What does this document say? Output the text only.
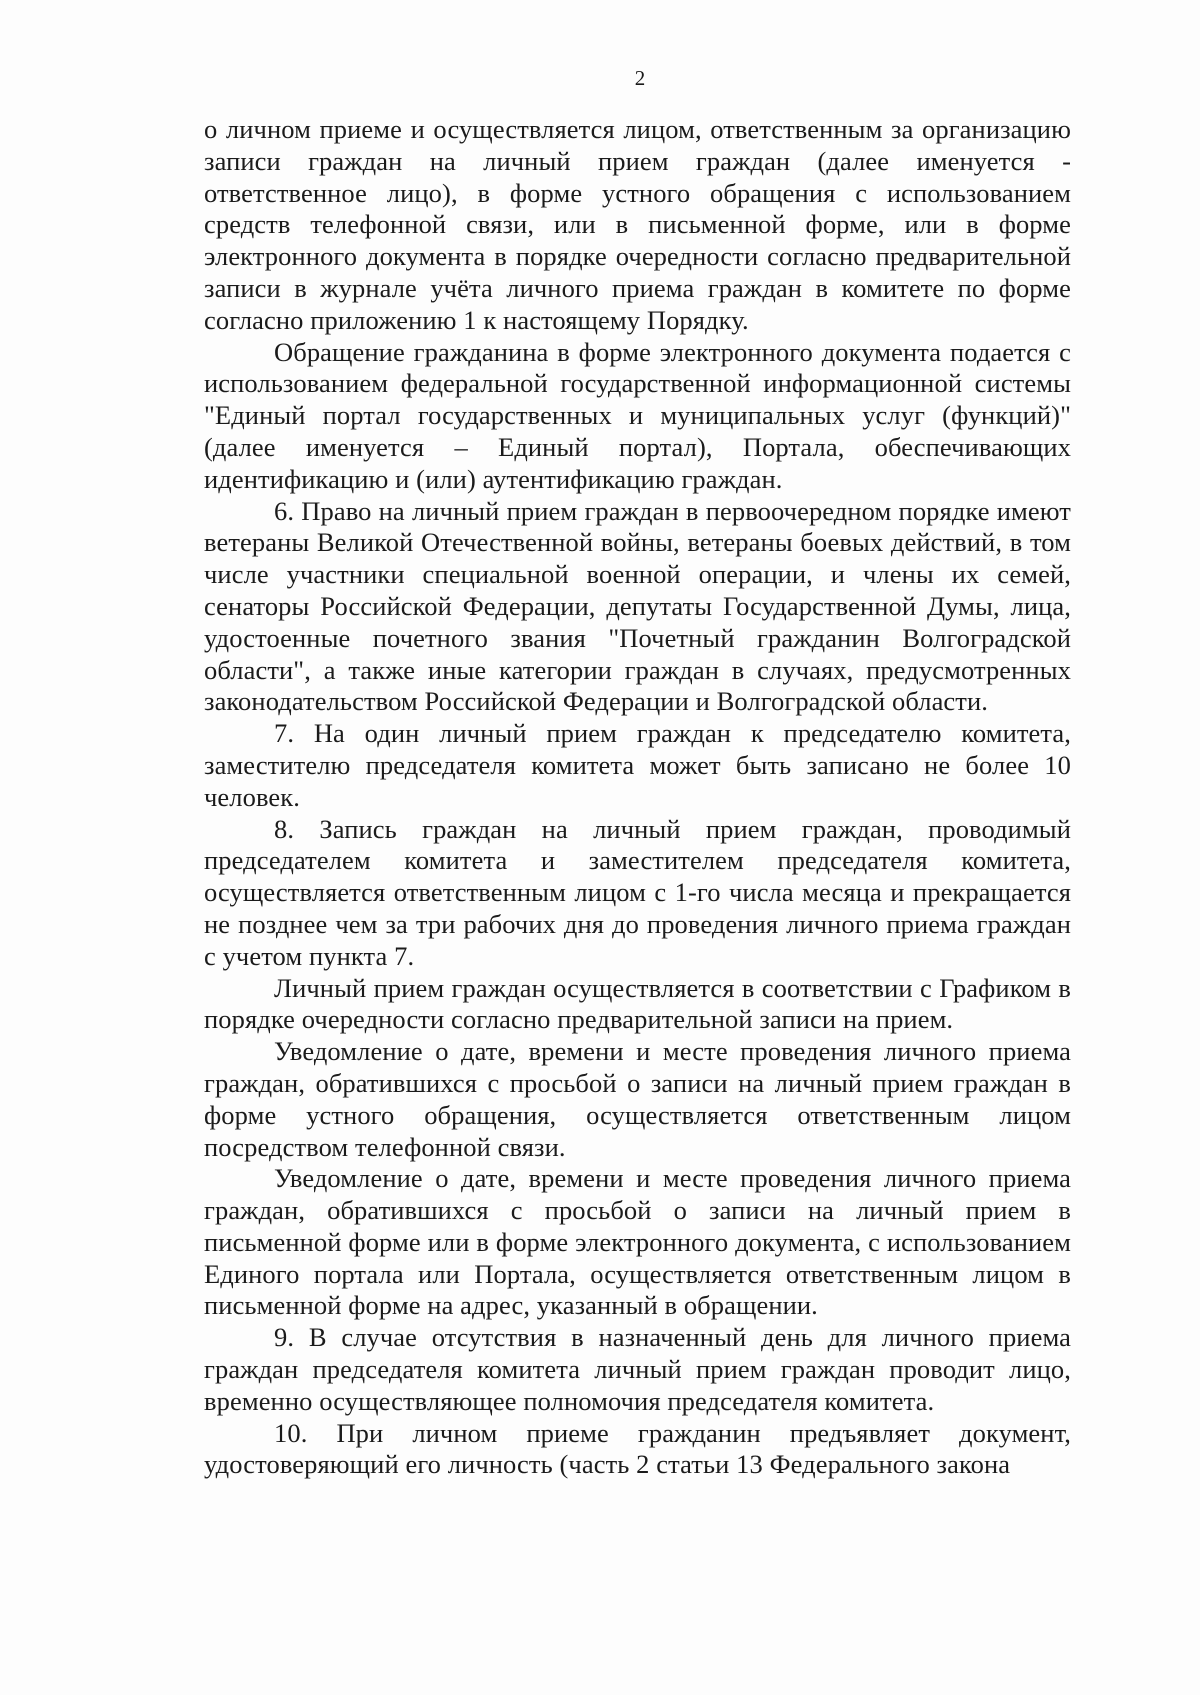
2

о личном приеме и осуществляется лицом, ответственным за организацию записи граждан на личный прием граждан (далее именуется - ответственное лицо), в форме устного обращения с использованием средств телефонной связи, или в письменной форме, или в форме электронного документа в порядке очередности согласно предварительной записи в журнале учёта личного приема граждан в комитете по форме согласно приложению 1 к настоящему Порядку.

Обращение гражданина в форме электронного документа подается с использованием федеральной государственной информационной системы "Единый портал государственных и муниципальных услуг (функций)" (далее именуется – Единый портал), Портала, обеспечивающих идентификацию и (или) аутентификацию граждан.

6. Право на личный прием граждан в первоочередном порядке имеют ветераны Великой Отечественной войны, ветераны боевых действий, в том числе участники специальной военной операции, и члены их семей, сенаторы Российской Федерации, депутаты Государственной Думы, лица, удостоенные почетного звания "Почетный гражданин Волгоградской области", а также иные категории граждан в случаях, предусмотренных законодательством Российской Федерации и Волгоградской области.

7. На один личный прием граждан к председателю комитета, заместителю председателя комитета может быть записано не более 10 человек.

8. Запись граждан на личный прием граждан, проводимый председателем комитета и заместителем председателя комитета, осуществляется ответственным лицом с 1-го числа месяца и прекращается не позднее чем за три рабочих дня до проведения личного приема граждан с учетом пункта 7.

Личный прием граждан осуществляется в соответствии с Графиком в порядке очередности согласно предварительной записи на прием.

Уведомление о дате, времени и месте проведения личного приема граждан, обратившихся с просьбой о записи на личный прием граждан в форме устного обращения, осуществляется ответственным лицом посредством телефонной связи.

Уведомление о дате, времени и месте проведения личного приема граждан, обратившихся с просьбой о записи на личный прием в письменной форме или в форме электронного документа, с использованием Единого портала или Портала, осуществляется ответственным лицом в письменной форме на адрес, указанный в обращении.

9. В случае отсутствия в назначенный день для личного приема граждан председателя комитета личный прием граждан проводит лицо, временно осуществляющее полномочия председателя комитета.

10. При личном приеме гражданин предъявляет документ, удостоверяющий его личность (часть 2 статьи 13 Федерального закона
